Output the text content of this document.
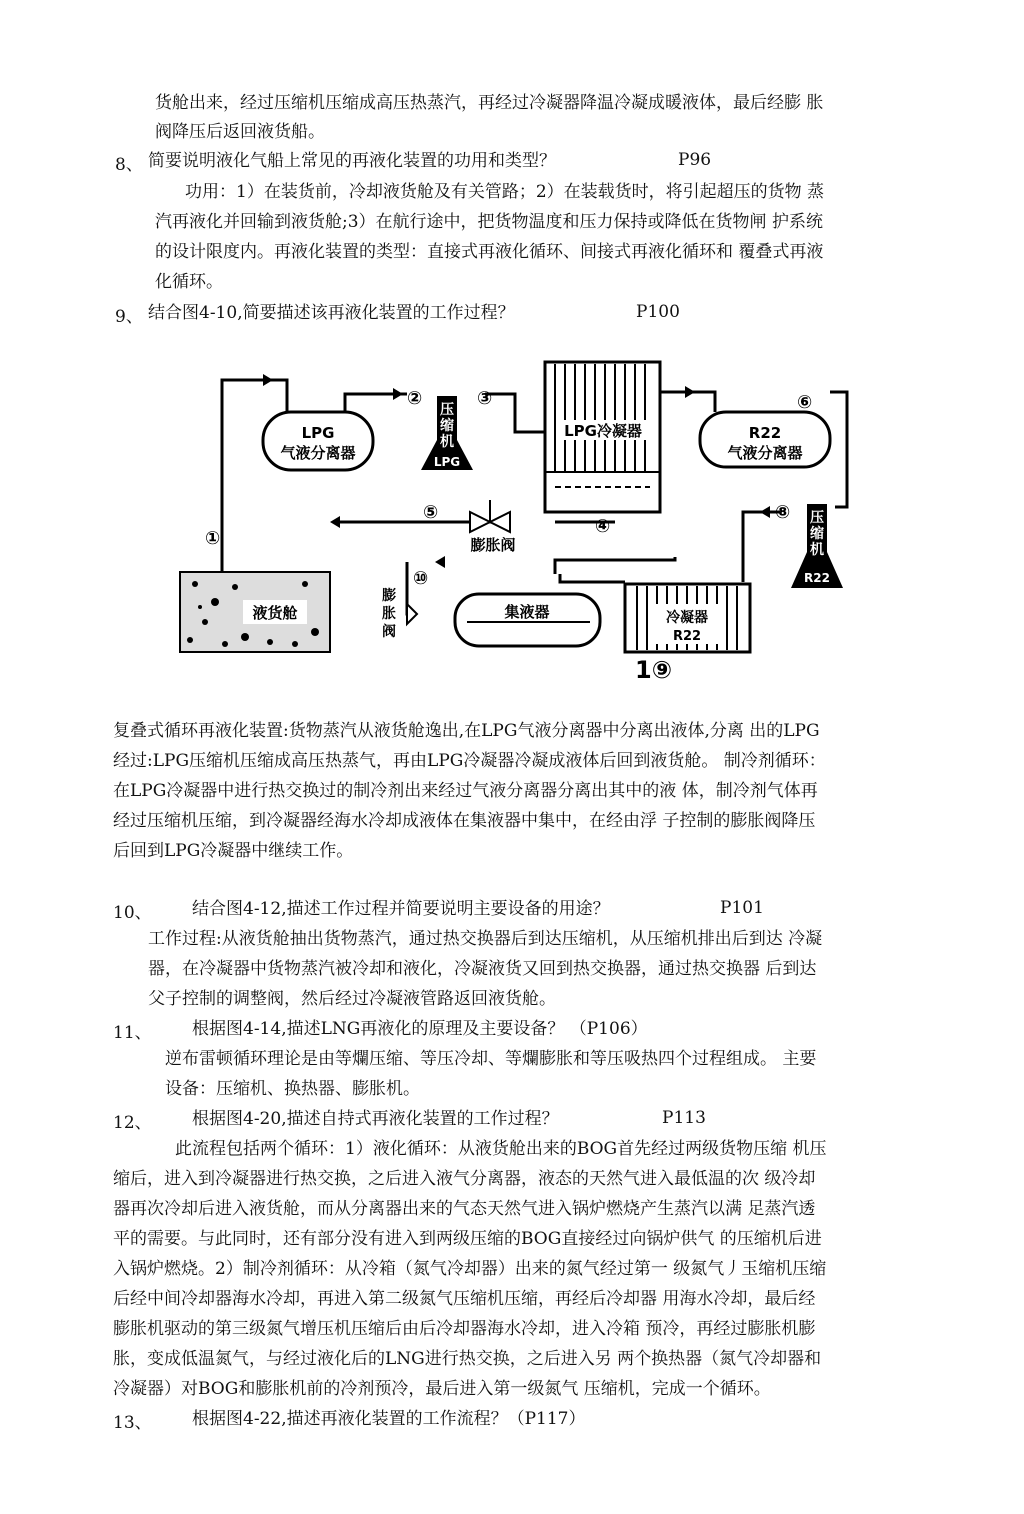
货舱出来，经过压缩机压缩成高压热蒸汽，再经过冷凝器降温冷凝成暖液体，最后经膨 胀
阀降压后返回液货船。
8、 简要说明液化气船上常见的再液化装置的功用和类型？	P96
功用：1）在装货前，冷却液货舱及有关管路；2）在装载货时，将引起超压的货物 蒸
汽再液化并回输到液货舱;3）在航行途中，把货物温度和压力保持或降低在货物闸 护系统
的设计限度内。再液化装置的类型：直接式再液化循环、间接式再液化循环和 覆叠式再液
化循环。
9、 结合图4-10,简要描述该再液化装置的工作过程？	P100
LPG
气液分离器
压
缩
机
LPG
LPG冷凝器	R22
气液分离器
压
缩
机
R22
膨胀阀
膨
胀
阀
液货舱	集液器	冷凝器
R22
①
②	③
④
⑤
⑥
⑧
⑩
1⑨
复叠式循环再液化装置:货物蒸汽从液货舱逸出,在LPG气液分离器中分离出液体,分离 出的LPG
经过:LPG压缩机压缩成高压热蒸气，再由LPG冷凝器冷凝成液体后回到液货舱。 制冷剂循环：
在LPG冷凝器中进行热交换过的制冷剂出来经过气液分离器分离出其中的液 体，制冷剂气体再
经过压缩机压缩，到冷凝器经海水冷却成液体在集液器中集中，在经由浮 子控制的膨胀阀降压
后回到LPG冷凝器中继续工作。
10、 结合图4-12,描述工作过程并简要说明主要设备的用途？	P101
工作过程:从液货舱抽出货物蒸汽，通过热交换器后到达压缩机，从压缩机排出后到达 冷凝
器，在冷凝器中货物蒸汽被冷却和液化，冷凝液货又回到热交换器，通过热交换器 后到达
父子控制的调整阀，然后经过冷凝液管路返回液货舱。
11、 根据图4-14,描述LNG再液化的原理及主要设备？ （P106）
逆布雷顿循环理论是由等爛压缩、等压冷却、等爛膨胀和等压吸热四个过程组成。 主要
设备：压缩机、换热器、膨胀机。
12、 根据图4-20,描述自持式再液化装置的工作过程？	P113
此流程包括两个循环：1）液化循环：从液货舱出来的BOG首先经过两级货物压缩 机压
缩后，进入到冷凝器进行热交换，之后进入液气分离器，液态的天然气进入最低温的次 级冷却
器再次冷却后进入液货舱，而从分离器出来的气态天然气进入锅炉燃烧产生蒸汽以满 足蒸汽透
平的需要。与此同时，还有部分没有进入到两级压缩的BOG直接经过向锅炉供气 的压缩机后进
入锅炉燃烧。2）制冷剂循环：从冷箱（氮气冷却器）出来的氮气经过第一 级氮气丿玉缩机压缩
后经中间冷却器海水冷却，再进入第二级氮气压缩机压缩，再经后冷却器 用海水冷却，最后经
膨胀机驱动的第三级氮气增压机压缩后由后冷却器海水冷却，进入冷箱 预冷，再经过膨胀机膨
胀，变成低温氮气，与经过液化后的LNG进行热交换，之后进入另 两个换热器（氮气冷却器和
冷凝器）对BOG和膨胀机前的冷剂预冷，最后进入第一级氮气 压缩机，完成一个循环。
13、 根据图4-22,描述再液化装置的工作流程？（P117）
